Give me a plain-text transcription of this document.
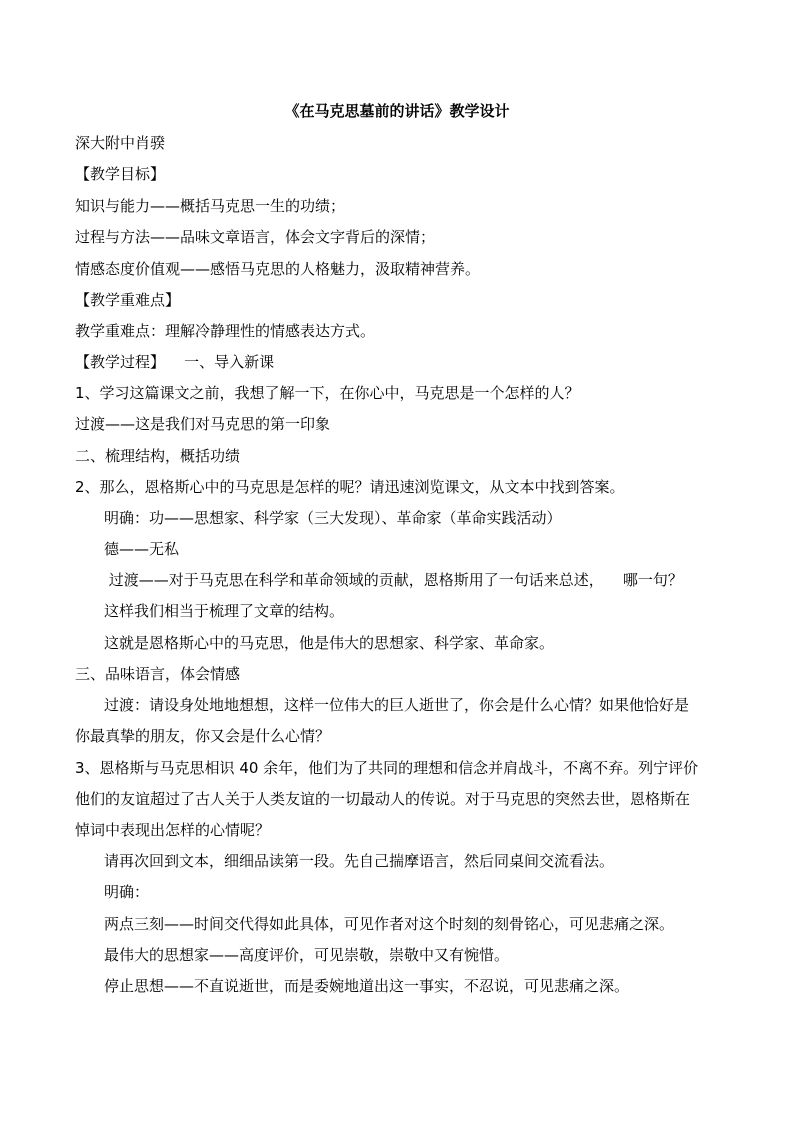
《在马克思墓前的讲话》教学设计
深大附中肖骙
【教学目标】
知识与能力——概括马克思一生的功绩；
过程与方法——品味文章语言，体会文字背后的深情；
情感态度价值观——感悟马克思的人格魅力，汲取精神营养。
【教学重难点】
教学重难点：理解冷静理性的情感表达方式。
【教学过程】    一、导入新课
1、学习这篇课文之前，我想了解一下，在你心中，马克思是一个怎样的人？
过渡——这是我们对马克思的第一印象
二、梳理结构，概括功绩
2、那么，恩格斯心中的马克思是怎样的呢？请迅速浏览课文，从文本中找到答案。
明确：功——思想家、科学家（三大发现）、革命家（革命实践活动）
德——无私
过渡——对于马克思在科学和革命领域的贡献，恩格斯用了一句话来总述，    哪一句？
这样我们相当于梳理了文章的结构。
这就是恩格斯心中的马克思，他是伟大的思想家、科学家、革命家。
三、品味语言，体会情感
过渡：请设身处地地想想，这样一位伟大的巨人逝世了，你会是什么心情？如果他恰好是
你最真挚的朋友，你又会是什么心情？
3、恩格斯与马克思相识 40 余年，他们为了共同的理想和信念并肩战斗，不离不弃。列宁评价
他们的友谊超过了古人关于人类友谊的一切最动人的传说。对于马克思的突然去世，恩格斯在
悼词中表现出怎样的心情呢？
请再次回到文本，细细品读第一段。先自己揣摩语言，然后同桌间交流看法。
明确：
两点三刻——时间交代得如此具体，可见作者对这个时刻的刻骨铭心，可见悲痛之深。
最伟大的思想家——高度评价，可见崇敬，崇敬中又有惋惜。
停止思想——不直说逝世，而是委婉地道出这一事实，不忍说，可见悲痛之深。
